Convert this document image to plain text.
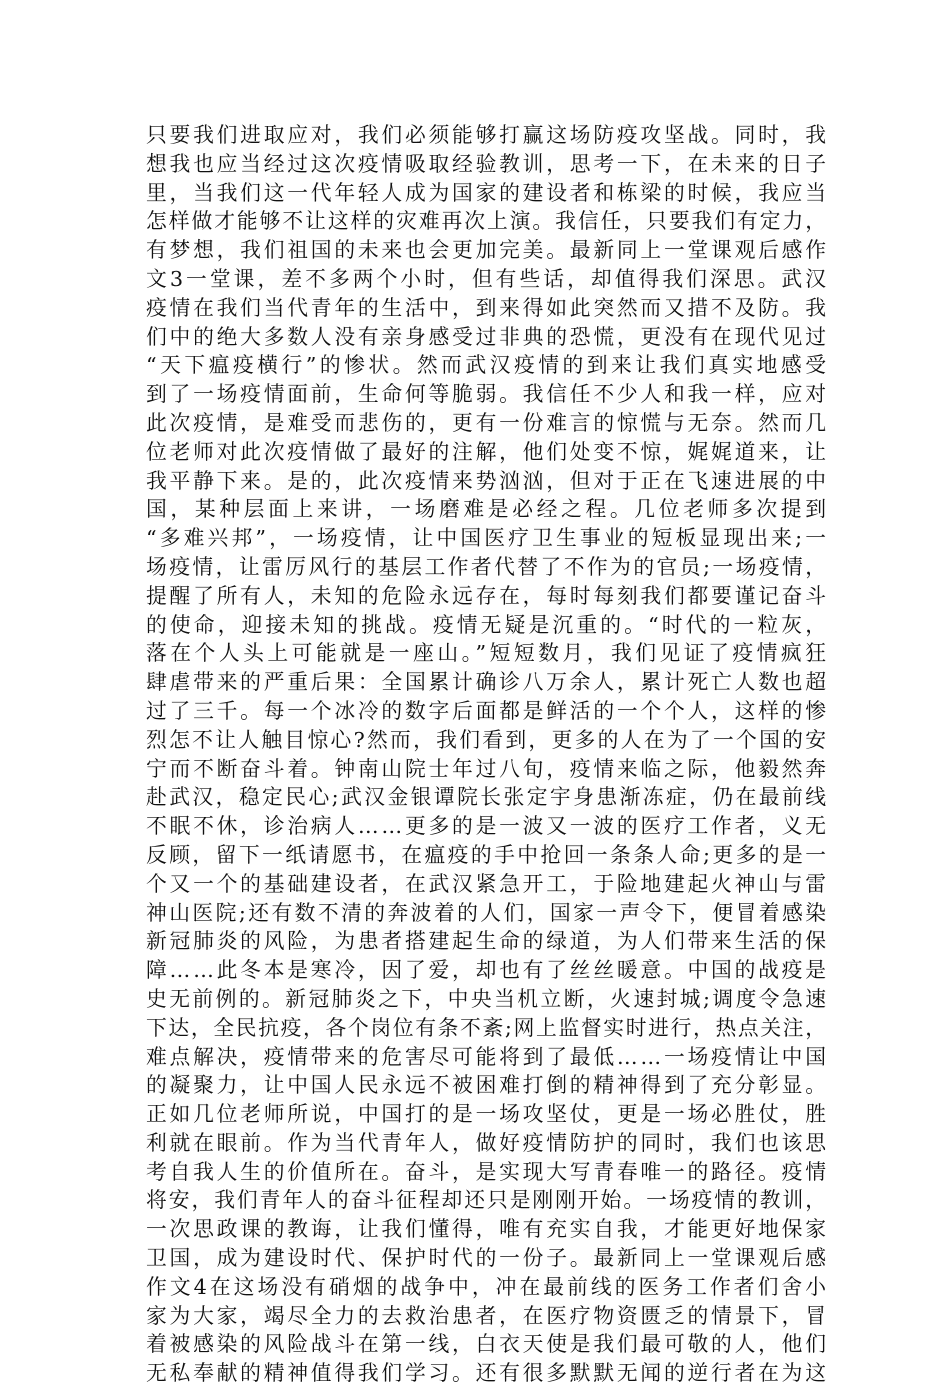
只要我们进取应对，我们必须能够打赢这场防疫攻坚战。同时，我
想我也应当经过这次疫情吸取经验教训，思考一下，在未来的日子
里，当我们这一代年轻人成为国家的建设者和栋梁的时候，我应当
怎样做才能够不让这样的灾难再次上演。我信任，只要我们有定力，
有梦想，我们祖国的未来也会更加完美。最新同上一堂课观后感作
文3一堂课，差不多两个小时，但有些话，却值得我们深思。武汉
疫情在我们当代青年的生活中，到来得如此突然而又措不及防。我
们中的绝大多数人没有亲身感受过非典的恐慌，更没有在现代见过
“天下瘟疫横行”的惨状。然而武汉疫情的到来让我们真实地感受
到了一场疫情面前，生命何等脆弱。我信任不少人和我一样，应对
此次疫情，是难受而悲伤的，更有一份难言的惊慌与无奈。然而几
位老师对此次疫情做了最好的注解，他们处变不惊，娓娓道来，让
我平静下来。是的，此次疫情来势汹汹，但对于正在飞速进展的中
国，某种层面上来讲，一场磨难是必经之程。几位老师多次提到
“多难兴邦”，一场疫情，让中国医疗卫生事业的短板显现出来;一
场疫情，让雷厉风行的基层工作者代替了不作为的官员;一场疫情，
提醒了所有人，未知的危险永远存在，每时每刻我们都要谨记奋斗
的使命，迎接未知的挑战。疫情无疑是沉重的。“时代的一粒灰，
落在个人头上可能就是一座山。”短短数月，我们见证了疫情疯狂
肆虐带来的严重后果：全国累计确诊八万余人，累计死亡人数也超
过了三千。每一个冰冷的数字后面都是鲜活的一个个人，这样的惨
烈怎不让人触目惊心?然而，我们看到，更多的人在为了一个国的安
宁而不断奋斗着。钟南山院士年过八旬，疫情来临之际，他毅然奔
赴武汉，稳定民心;武汉金银谭院长张定宇身患渐冻症，仍在最前线
不眠不休，诊治病人……更多的是一波又一波的医疗工作者，义无
反顾，留下一纸请愿书，在瘟疫的手中抢回一条条人命;更多的是一
个又一个的基础建设者，在武汉紧急开工，于险地建起火神山与雷
神山医院;还有数不清的奔波着的人们，国家一声令下，便冒着感染
新冠肺炎的风险，为患者搭建起生命的绿道，为人们带来生活的保
障……此冬本是寒冷，因了爱，却也有了丝丝暖意。中国的战疫是
史无前例的。新冠肺炎之下，中央当机立断，火速封城;调度令急速
下达，全民抗疫，各个岗位有条不紊;网上监督实时进行，热点关注，
难点解决，疫情带来的危害尽可能将到了最低……一场疫情让中国
的凝聚力，让中国人民永远不被困难打倒的精神得到了充分彰显。
正如几位老师所说，中国打的是一场攻坚仗，更是一场必胜仗，胜
利就在眼前。作为当代青年人，做好疫情防护的同时，我们也该思
考自我人生的价值所在。奋斗，是实现大写青春唯一的路径。疫情
将安，我们青年人的奋斗征程却还只是刚刚开始。一场疫情的教训，
一次思政课的教诲，让我们懂得，唯有充实自我，才能更好地保家
卫国，成为建设时代、保护时代的一份子。最新同上一堂课观后感
作文4在这场没有硝烟的战争中，冲在最前线的医务工作者们舍小
家为大家，竭尽全力的去救治患者，在医疗物资匮乏的情景下，冒
着被感染的风险战斗在第一线，白衣天使是我们最可敬的人，他们
无私奉献的精神值得我们学习。还有很多默默无闻的逆行者在为这
